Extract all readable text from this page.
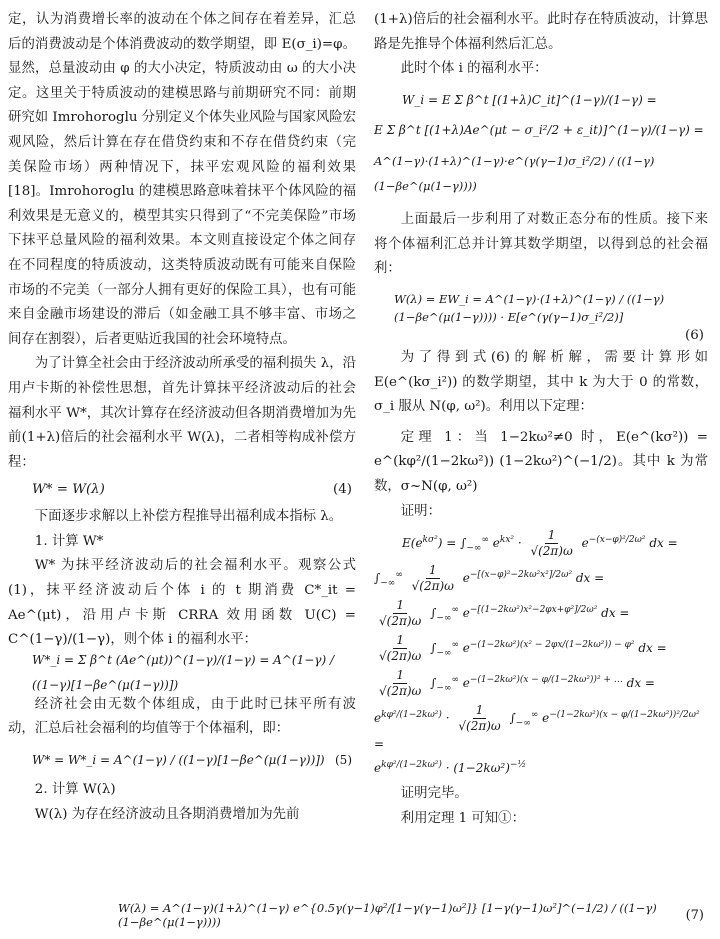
定，认为消费增长率的波动在个体之间存在着差异，汇总后的消费波动是个体消费波动的数学期望，即 E(σ_i)=φ。显然，总量波动由 φ 的大小决定，特质波动由 ω 的大小决定。这里关于特质波动的建模思路与前期研究不同：前期研究如 Imrohoroglu 分别定义个体失业风险与国家风险宏观风险，然后计算在存在借贷约束和不存在借贷约束（完美保险市场）两种情况下，抹平宏观风险的福利效果[18]。Imrohoroglu 的建模思路意味着抹平个体风险的福利效果是无意义的，模型其实只得到了“不完美保险”市场下抹平总量风险的福利效果。本文则直接设定个体之间存在不同程度的特质波动，这类特质波动既有可能来自保险市场的不完美（一部分人拥有更好的保险工具），也有可能来自金融市场建设的滞后（如金融工具不够丰富、市场之间存在割裂），后者更贴近我国的社会环境特点。

为了计算全社会由于经济波动所承受的福利损失 λ，沿用卢卡斯的补偿性思想，首先计算抹平经济波动后的社会福利水平 W*，其次计算存在经济波动但各期消费增加为先前(1+λ)倍后的社会福利水平 W(λ)，二者相等构成补偿方程：

W* = W(λ)	(4)

下面逐步求解以上补偿方程推导出福利成本指标 λ。

1. 计算 W*

W* 为抹平经济波动后的社会福利水平。观察公式(1)，抹平经济波动后个体 i 的 t 期消费 C*_it = Ae^(μt)，沿用卢卡斯 CRRA 效用函数 U(C) = C^(1−γ)/(1−γ)，则个体 i 的福利水平：

W*_i = Σ β^t (Ae^(μt))^(1−γ)/(1−γ) = A^(1−γ) / ((1−γ)[1−βe^(μ(1−γ))])

经济社会由无数个体组成，由于此时已抹平所有波动，汇总后社会福利的均值等于个体福利，即：

W* = W*_i = A^(1−γ) / ((1−γ)[1−βe^(μ(1−γ))]) (5)

2. 计算 W(λ)

W(λ) 为存在经济波动且各期消费增加为先前

(1+λ)倍后的社会福利水平。此时存在特质波动，计算思路是先推导个体福利然后汇总。

此时个体 i 的福利水平：

W_i = E Σ β^t [(1+λ)C_it]^(1−γ)/(1−γ) =
E Σ β^t [(1+λ)Ae^(μt − σ_i²/2 + ε_it)]^(1−γ)/(1−γ) =
A^(1−γ)·(1+λ)^(1−γ)·e^(γ(γ−1)σ_i²/2) / ((1−γ)(1−βe^(μ(1−γ))))

上面最后一步利用了对数正态分布的性质。接下来将个体福利汇总并计算其数学期望，以得到总的社会福利：

W(λ) = EW_i = A^(1−γ)·(1+λ)^(1−γ) / ((1−γ)(1−βe^(μ(1−γ)))) · E[e^(γ(γ−1)σ_i²/2)]
(6)

为了得到式(6)的解析解，需要计算形如 E(e^(kσ_i²)) 的数学期望，其中 k 为大于 0 的常数，σ_i 服从 N(φ, ω²)。利用以下定理：

定理 1：当 1−2kω²≠0 时，E(e^(kσ²)) = e^(kφ²/(1−2kω²)) (1−2kω²)^(−1/2)。其中 k 为常数，σ~N(φ, ω²)

证明：

$E(e^{k\sigma^2}) = \int_{-\infty}^\infty$ $e^{kx^2} \cdot \frac{1}{√(2\pi)\omega} e^{-(x-\varphi)^2/2\omega^2}$ dx =
$\int_{-\infty}^\infty \frac{1}{√(2\pi)\omega} e^{-[(x-\varphi)^2-2k\omega^2x^2]/2\omega^2}$ dx =
$\frac{1}{√(2\pi)\omega} \int_{-\infty}^\infty$ $e^{-[(1-2k\omega^2)x^2-2\varphi x+\varphi^2]/2\omega^2}$ dx =
$\frac{1}{√(2\pi)\omega} \int_{-\infty}^\infty$ $e^{-(1-2k\omega^2)(x^2 - 2\varphi x/(1-2k\omega^2)) - \varphi^2}$ dx =
$\frac{1}{√(2\pi)\omega} \int_{-\infty}^\infty$ $e^{-(1-2k\omega^2)(x - \varphi/(1-2k\omega^2))^2 + \dots}$ dx =
$e^{k\varphi^2/(1-2k\omega^2)} \cdot \frac{1}{√(2\pi)\omega} \int_{-\infty}^\infty$ $e^{-(1-2k\omega^2)(x - \varphi/(1-2k\omega^2))^2/2\omega^2}$ =
$e^{k\varphi^2/(1-2k\omega^2)} \cdot (1-2k\omega^2)^{-\frac{1}{2}}$

证明完毕。

利用定理 1 可知①：

W(λ) = A^(1−γ)(1+λ)^(1−γ) e^{0.5γ(γ−1)φ²/[1−γ(γ−1)ω²]} [1−γ(γ−1)ω²]^(−1/2) / ((1−γ)(1−βe^(μ(1−γ))))	(7)
